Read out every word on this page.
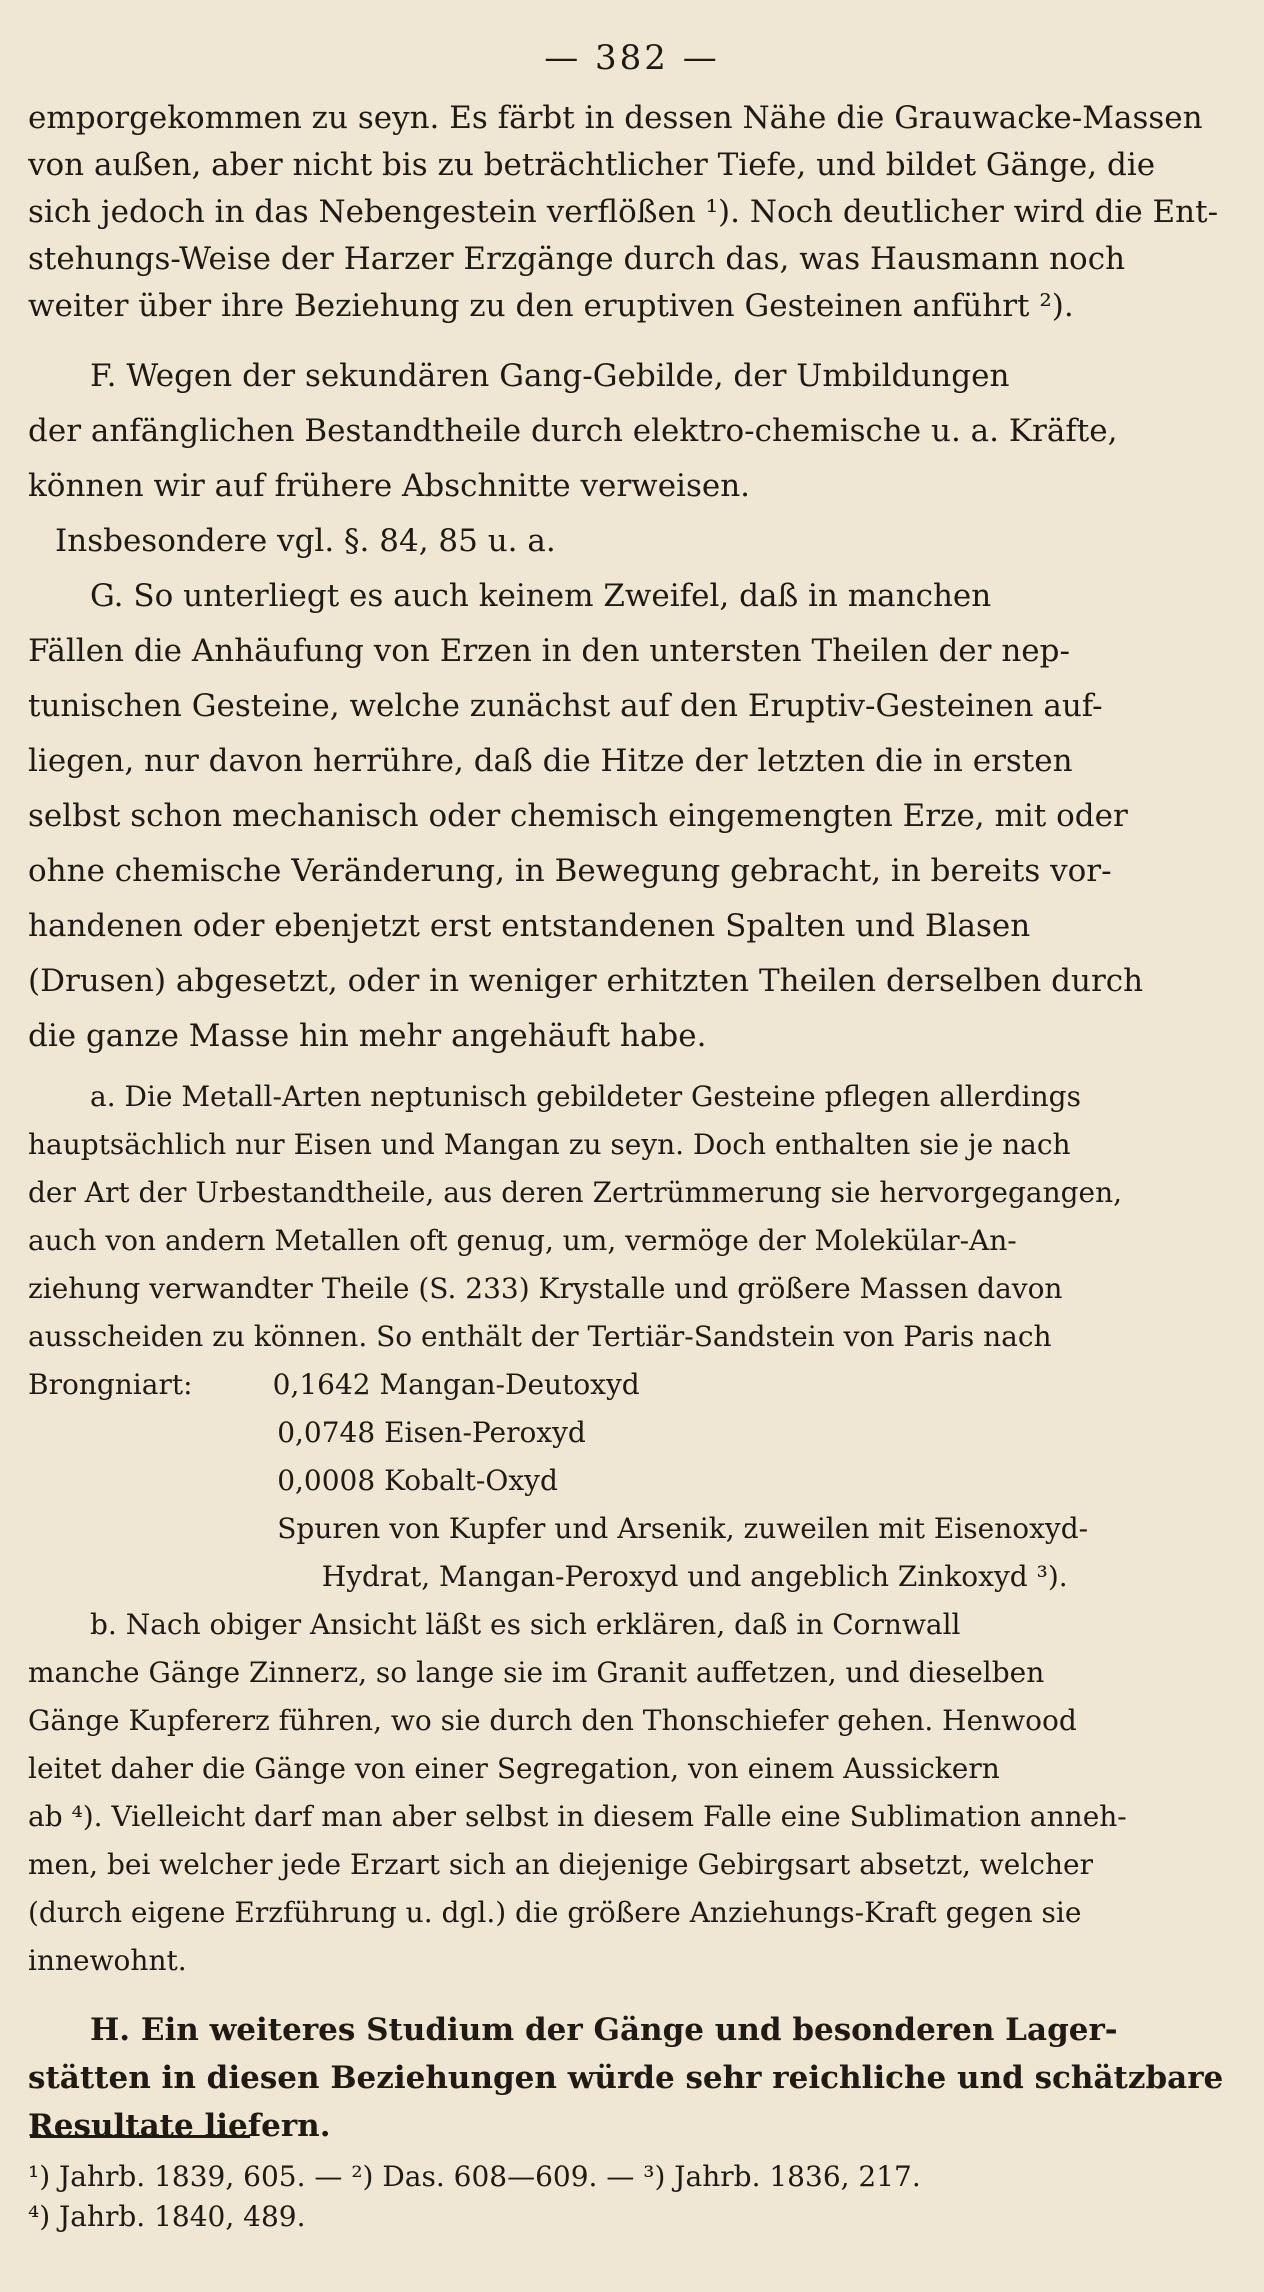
— 382 —
emporgekommen zu seyn. Es färbt in dessen Nähe die Grauwacke-Massen
von außen, aber nicht bis zu beträchtlicher Tiefe, und bildet Gänge, die
sich jedoch in das Nebengestein verflößen ¹). Noch deutlicher wird die Ent-
stehungs-Weise der Harzer Erzgänge durch das, was Hausmann noch
weiter über ihre Beziehung zu den eruptiven Gesteinen anführt ²).
F. Wegen der sekundären Gang-Gebilde, der Umbildungen
der anfänglichen Bestandtheile durch elektro-chemische u. a. Kräfte,
können wir auf frühere Abschnitte verweisen.
Insbesondere vgl. §. 84, 85 u. a.
G. So unterliegt es auch keinem Zweifel, daß in manchen
Fällen die Anhäufung von Erzen in den untersten Theilen der nep-
tunischen Gesteine, welche zunächst auf den Eruptiv-Gesteinen auf-
liegen, nur davon herrühre, daß die Hitze der letzten die in ersten
selbst schon mechanisch oder chemisch eingemengten Erze, mit oder
ohne chemische Veränderung, in Bewegung gebracht, in bereits vor-
handenen oder ebenjetzt erst entstandenen Spalten und Blasen
(Drusen) abgesetzt, oder in weniger erhitzten Theilen derselben durch
die ganze Masse hin mehr angehäuft habe.
a. Die Metall-Arten neptunisch gebildeter Gesteine pflegen allerdings
hauptsächlich nur Eisen und Mangan zu seyn. Doch enthalten sie je nach
der Art der Urbestandtheile, aus deren Zertrümmerung sie hervorgegangen,
auch von andern Metallen oft genug, um, vermöge der Molekülar-An-
ziehung verwandter Theile (S. 233) Krystalle und größere Massen davon
ausscheiden zu können. So enthält der Tertiär-Sandstein von Paris nach
Brongniart:         0,1642 Mangan-Deutoxyd
0,0748 Eisen-Peroxyd
0,0008 Kobalt-Oxyd
Spuren von Kupfer und Arsenik, zuweilen mit Eisenoxyd-
Hydrat, Mangan-Peroxyd und angeblich Zinkoxyd ³).
b. Nach obiger Ansicht läßt es sich erklären, daß in Cornwall
manche Gänge Zinnerz, so lange sie im Granit auffetzen, und dieselben
Gänge Kupfererz führen, wo sie durch den Thonschiefer gehen. Henwood
leitet daher die Gänge von einer Segregation, von einem Aussickern
ab ⁴). Vielleicht darf man aber selbst in diesem Falle eine Sublimation anneh-
men, bei welcher jede Erzart sich an diejenige Gebirgsart absetzt, welcher
(durch eigene Erzführung u. dgl.) die größere Anziehungs-Kraft gegen sie
innewohnt.
H. Ein weiteres Studium der Gänge und besonderen Lager-
stätten in diesen Beziehungen würde sehr reichliche und schätzbare
Resultate liefern.
¹) Jahrb. 1839, 605. — ²) Das. 608—609. — ³) Jahrb. 1836, 217.
⁴) Jahrb. 1840, 489.
